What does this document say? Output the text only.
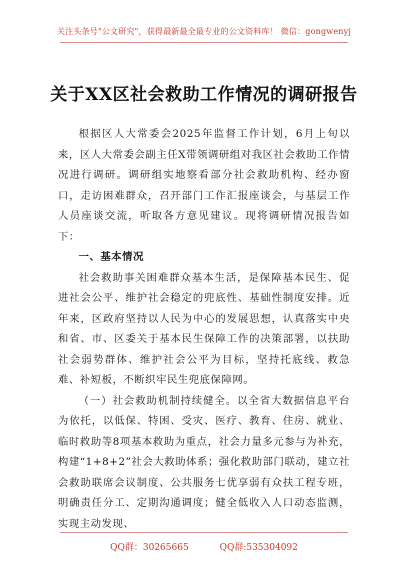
关注头条号"公文研究"，获得最新最全最专业的公文资料库！ 微信：gongwenyj
关于XX区社会救助工作情况的调研报告

根据区人大常委会2025年监督工作计划，6月上旬以来，区人大常委会副主任X带领调研组对我区社会救助工作情况进行调研。调研组实地察看部分社会救助机构、经办窗口，走访困难群众，召开部门工作汇报座谈会，与基层工作人员座谈交流，听取各方意见建议。现将调研情况报告如下：

一、基本情况

社会救助事关困难群众基本生活，是保障基本民生、促进社会公平、维护社会稳定的兜底性、基础性制度安排。近年来，区政府坚持以人民为中心的发展思想，认真落实中央和省、市、区委关于基本民生保障工作的决策部署，以扶助社会弱势群体、维护社会公平为目标，坚持托底线、救急难、补短板，不断织牢民生兜底保障网。

（一）社会救助机制持续健全。以全省大数据信息平台为依托，以低保、特困、受灾、医疗、教育、住房、就业、临时救助等8项基本救助为重点，社会力量多元参与为补充，构建“1+8+2”社会大救助体系；强化救助部门联动，建立社会救助联席会议制度、公共服务七优享弱有众扶工程专班，明确责任分工、定期沟通调度；健全低收入人口动态监测，实现主动发现、

QQ群：30265665	QQ群:535304092
